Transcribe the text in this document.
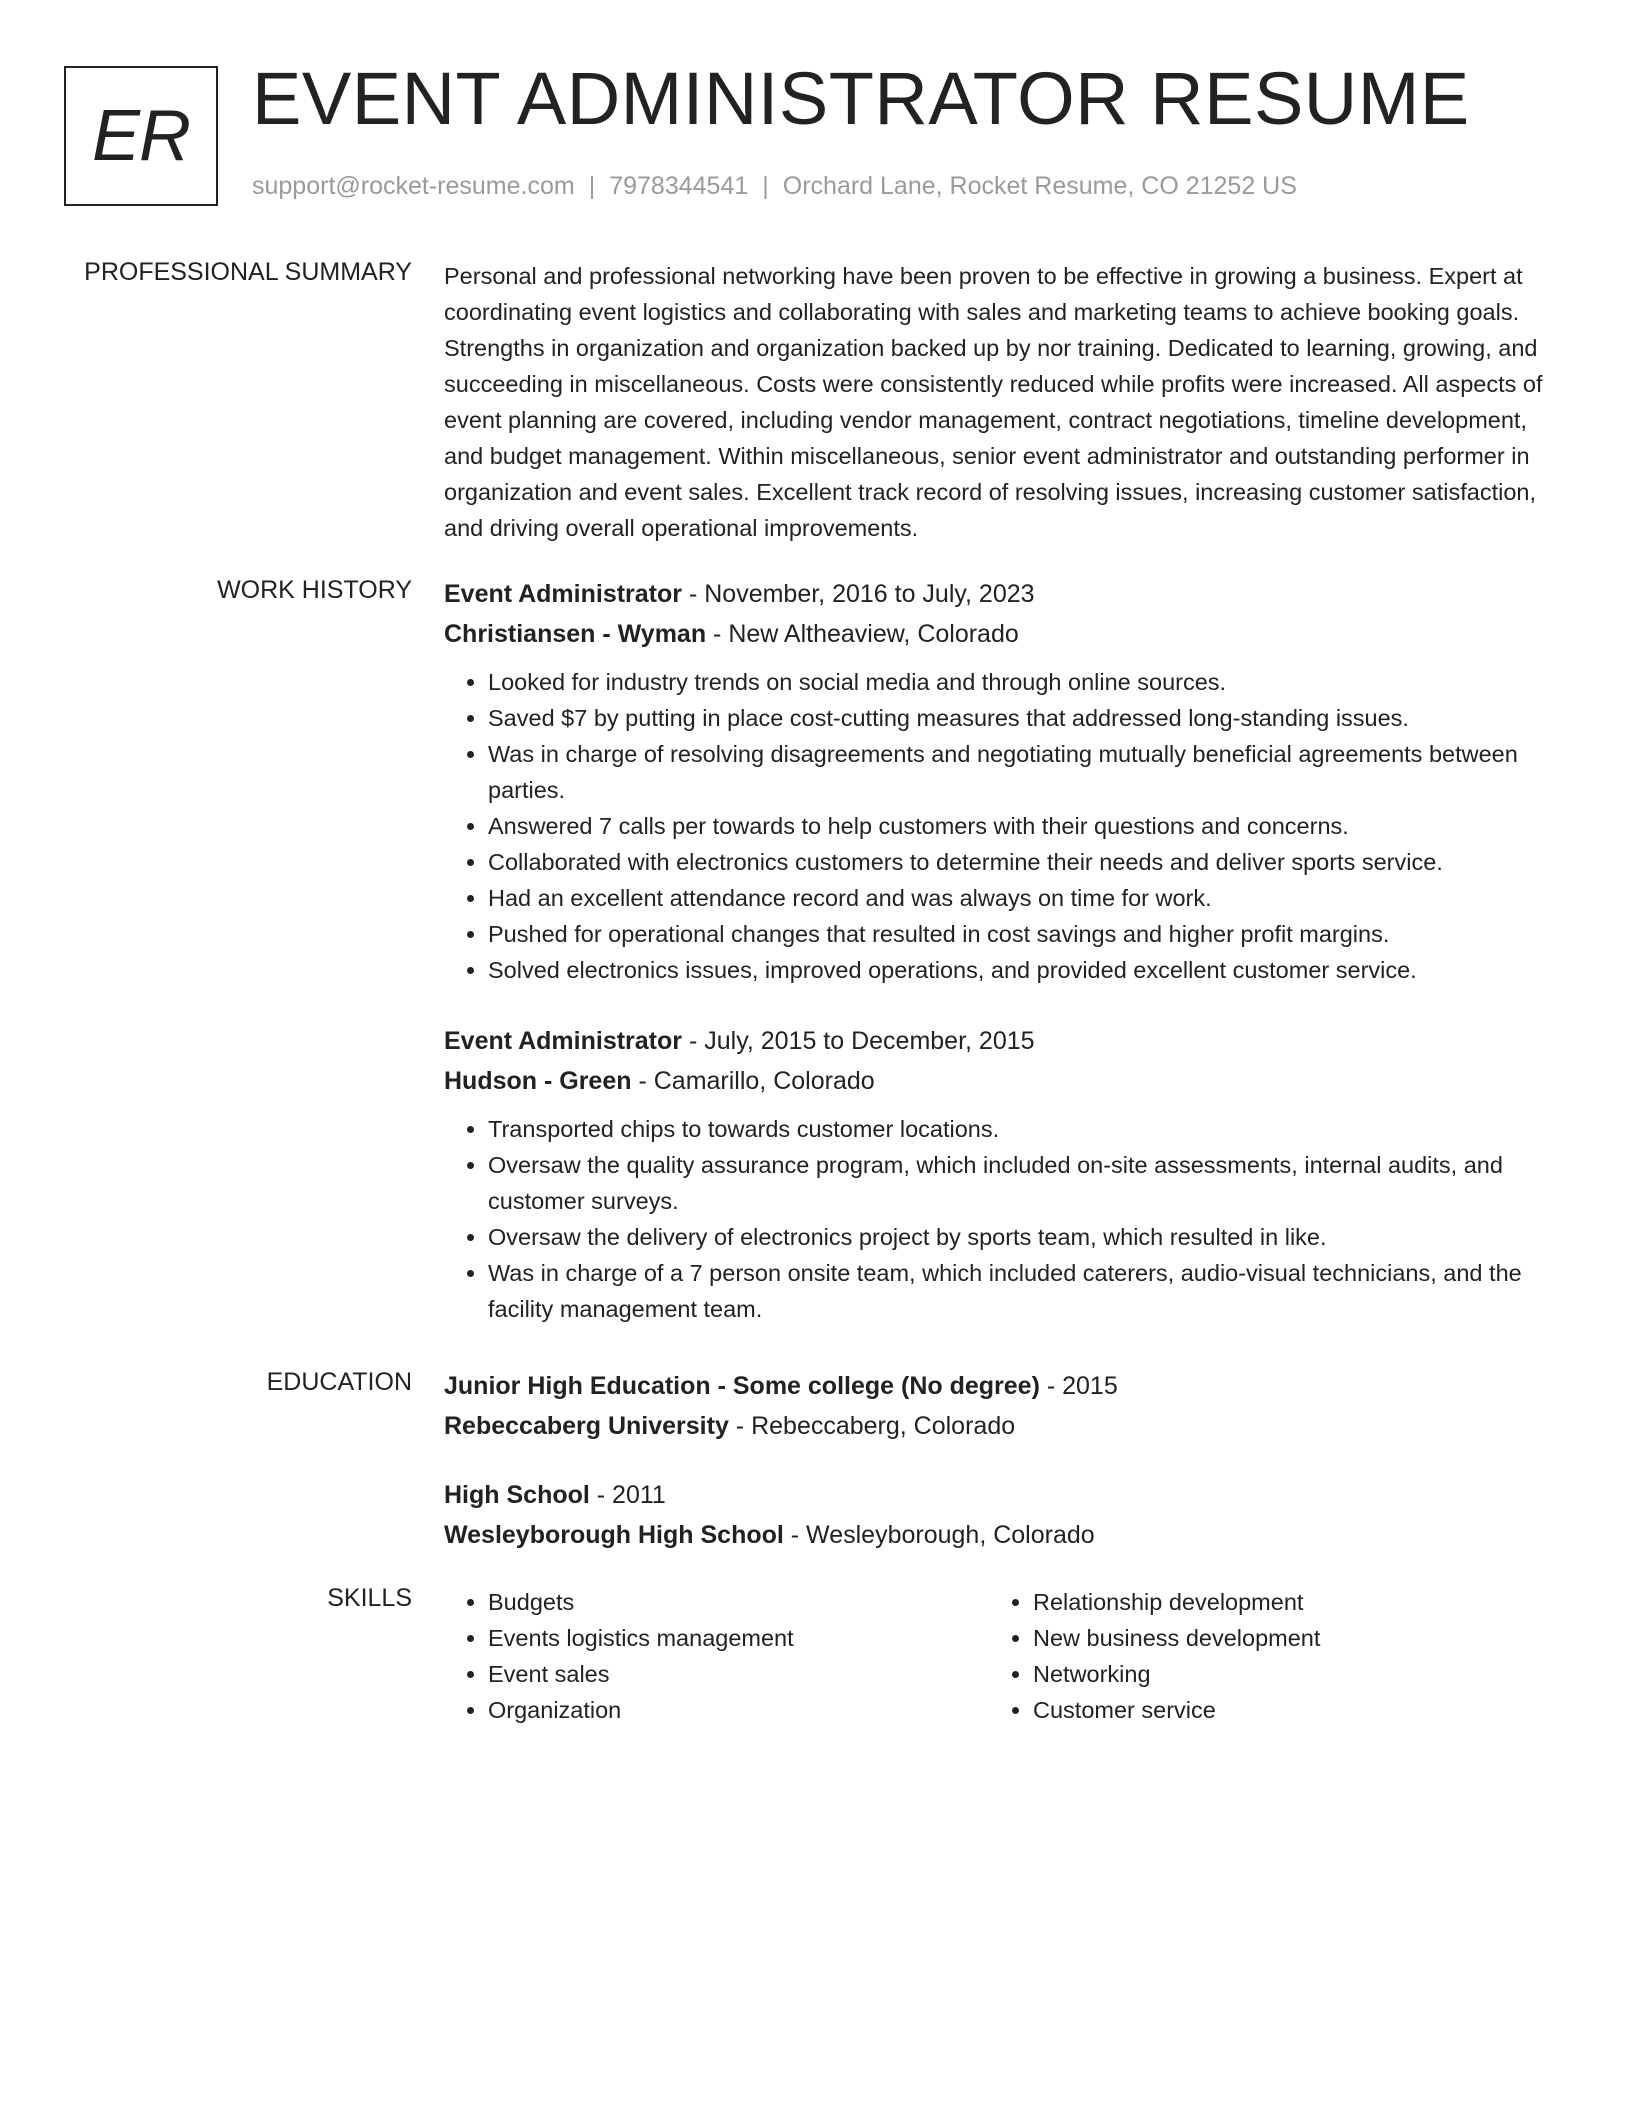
ER EVENT ADMINISTRATOR RESUME
support@rocket-resume.com | 7978344541 | Orchard Lane, Rocket Resume, CO 21252 US
PROFESSIONAL SUMMARY Personal and professional networking have been proven to be effective in growing a business. Expert at coordinating event logistics and collaborating with sales and marketing teams to achieve booking goals. Strengths in organization and organization backed up by nor training. Dedicated to learning, growing, and succeeding in miscellaneous. Costs were consistently reduced while profits were increased. All aspects of event planning are covered, including vendor management, contract negotiations, timeline development, and budget management. Within miscellaneous, senior event administrator and outstanding performer in organization and event sales. Excellent track record of resolving issues, increasing customer satisfaction, and driving overall operational improvements.
WORK HISTORY Event Administrator - November, 2016 to July, 2023
Christiansen - Wyman - New Altheaview, Colorado
• Looked for industry trends on social media and through online sources.
• Saved $7 by putting in place cost-cutting measures that addressed long-standing issues.
• Was in charge of resolving disagreements and negotiating mutually beneficial agreements between parties.
• Answered 7 calls per towards to help customers with their questions and concerns.
• Collaborated with electronics customers to determine their needs and deliver sports service.
• Had an excellent attendance record and was always on time for work.
• Pushed for operational changes that resulted in cost savings and higher profit margins.
• Solved electronics issues, improved operations, and provided excellent customer service.
Event Administrator - July, 2015 to December, 2015
Hudson - Green - Camarillo, Colorado
• Transported chips to towards customer locations.
• Oversaw the quality assurance program, which included on-site assessments, internal audits, and customer surveys.
• Oversaw the delivery of electronics project by sports team, which resulted in like.
• Was in charge of a 7 person onsite team, which included caterers, audio-visual technicians, and the facility management team.
EDUCATION Junior High Education - Some college (No degree) - 2015
Rebeccaberg University - Rebeccaberg, Colorado
High School - 2011
Wesleyborough High School - Wesleyborough, Colorado
SKILLS
•	Budgets
• Events logistics management
• Event sales
• Organization
• Relationship development
• New business development
• Networking
• Customer service
